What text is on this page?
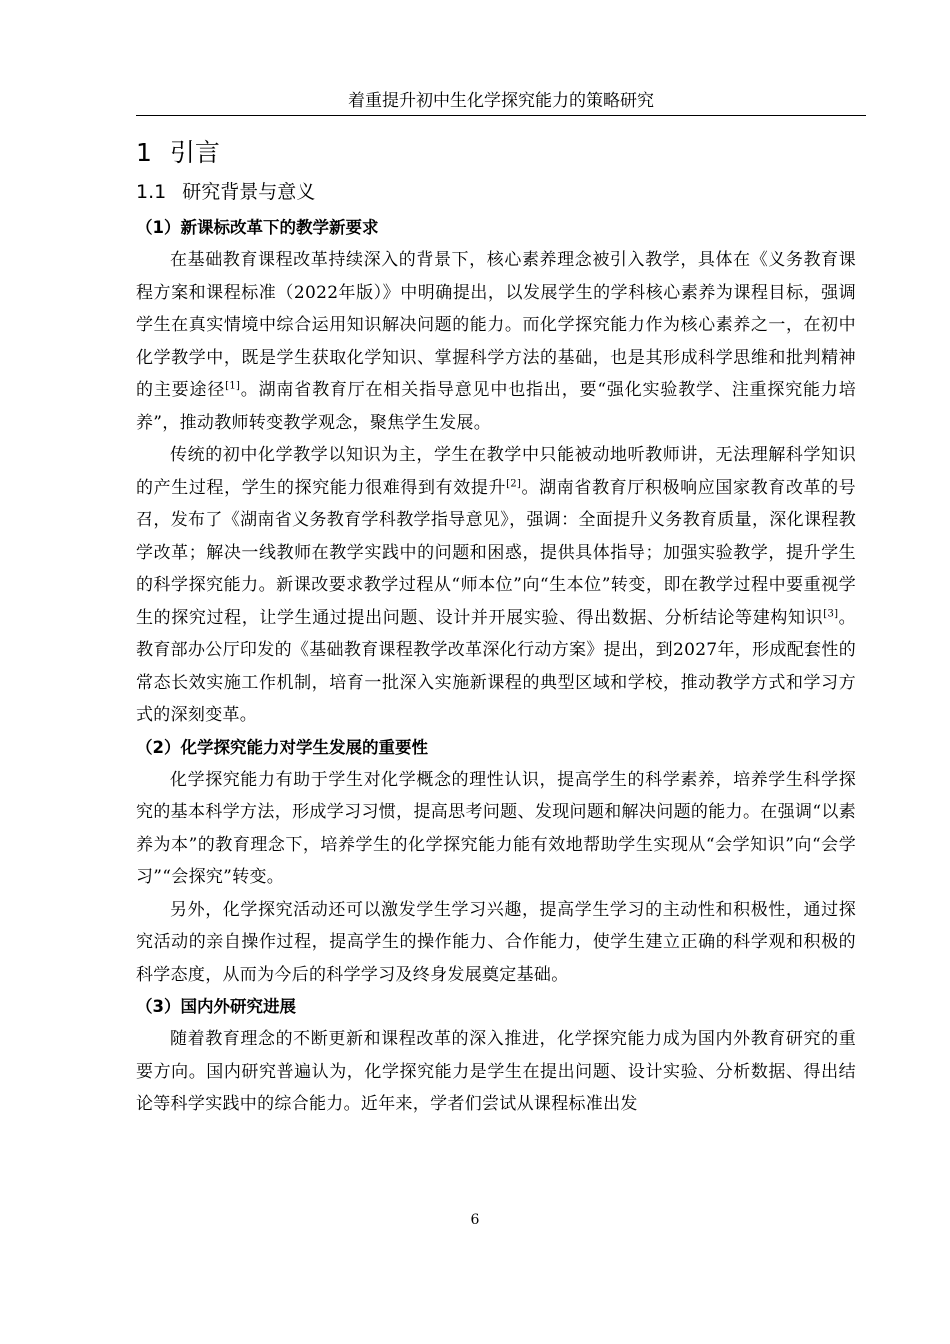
着重提升初中生化学探究能力的策略研究
1 引言
1.1 研究背景与意义
（1）新课标改革下的教学新要求

在基础教育课程改革持续深入的背景下，核心素养理念被引入教学，具体在《义务教育课程方案和课程标准（2022年版）》中明确提出，以发展学生的学科核心素养为课程目标，强调学生在真实情境中综合运用知识解决问题的能力。而化学探究能力作为核心素养之一，在初中化学教学中，既是学生获取化学知识、掌握科学方法的基础，也是其形成科学思维和批判精神的主要途径[1]。湖南省教育厅在相关指导意见中也指出，要“强化实验教学、注重探究能力培养”，推动教师转变教学观念，聚焦学生发展。

传统的初中化学教学以知识为主，学生在教学中只能被动地听教师讲，无法理解科学知识的产生过程，学生的探究能力很难得到有效提升[2]。湖南省教育厅积极响应国家教育改革的号召，发布了《湖南省义务教育学科教学指导意见》，强调：全面提升义务教育质量，深化课程教学改革；解决一线教师在教学实践中的问题和困惑，提供具体指导；加强实验教学，提升学生的科学探究能力。新课改要求教学过程从“师本位”向“生本位”转变，即在教学过程中要重视学生的探究过程，让学生通过提出问题、设计并开展实验、得出数据、分析结论等建构知识[3]。教育部办公厅印发的《基础教育课程教学改革深化行动方案》提出，到2027年，形成配套性的常态长效实施工作机制，培育一批深入实施新课程的典型区域和学校，推动教学方式和学习方式的深刻变革。

（2）化学探究能力对学生发展的重要性

化学探究能力有助于学生对化学概念的理性认识，提高学生的科学素养，培养学生科学探究的基本科学方法，形成学习习惯，提高思考问题、发现问题和解决问题的能力。在强调“以素养为本”的教育理念下，培养学生的化学探究能力能有效地帮助学生实现从“会学知识”向“会学习”“会探究”转变。

另外，化学探究活动还可以激发学生学习兴趣，提高学生学习的主动性和积极性，通过探究活动的亲自操作过程，提高学生的操作能力、合作能力，使学生建立正确的科学观和积极的科学态度，从而为今后的科学学习及终身发展奠定基础。

（3）国内外研究进展

随着教育理念的不断更新和课程改革的深入推进，化学探究能力成为国内外教育研究的重要方向。国内研究普遍认为，化学探究能力是学生在提出问题、设计实验、分析数据、得出结论等科学实践中的综合能力。近年来，学者们尝试从课程标准出发

6
